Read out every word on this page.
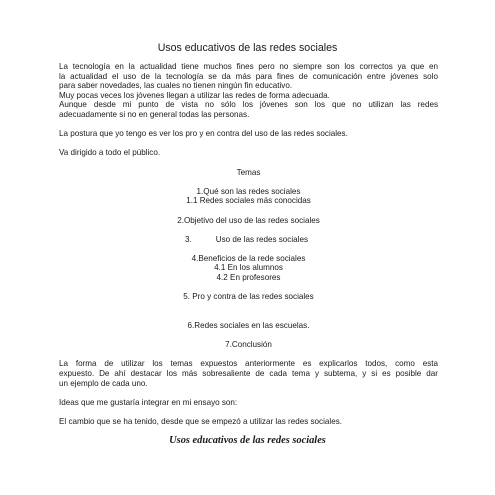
Usos educativos de las redes sociales
La tecnología en la actualidad tiene muchos fines pero no siempre son los correctos ya que en
la actualidad el uso de la tecnología se da más para fines de comunicación entre jóvenes solo
para saber novedades, las cuales no tienen ningún fin educativo.
Muy pocas veces los jóvenes llegan a utilizar las redes de forma adecuada.
Aunque desde mi punto de vista no sólo los jóvenes son los que no utilizan las redes
adecuadamente si no en general todas las personas.
La postura que yo tengo es ver los pro y en contra del uso de las redes sociales.
Va dirigido a todo el público.
Temas
1.Qué son las redes sociales
1.1 Redes sociales más conocidas
2.Objetivo del uso de las redes sociales
3.	Uso de las redes sociales
4.Beneficios de la rede sociales
4.1 En los alumnos
4.2 En profesores
5. Pro y contra de las redes sociales
6.Redes sociales en las escuelas.
7.Conclusión
La forma de utilizar los temas expuestos anteriormente es explicarlos todos, como esta
expuesto. De ahí destacar los más sobresaliente de cada tema y subtema, y si es posible dar
un ejemplo de cada uno.
Ideas que me gustaría integrar en mi ensayo son:
El cambio que se ha tenido, desde que se empezó a utilizar las redes sociales.
Usos educativos de las redes sociales
